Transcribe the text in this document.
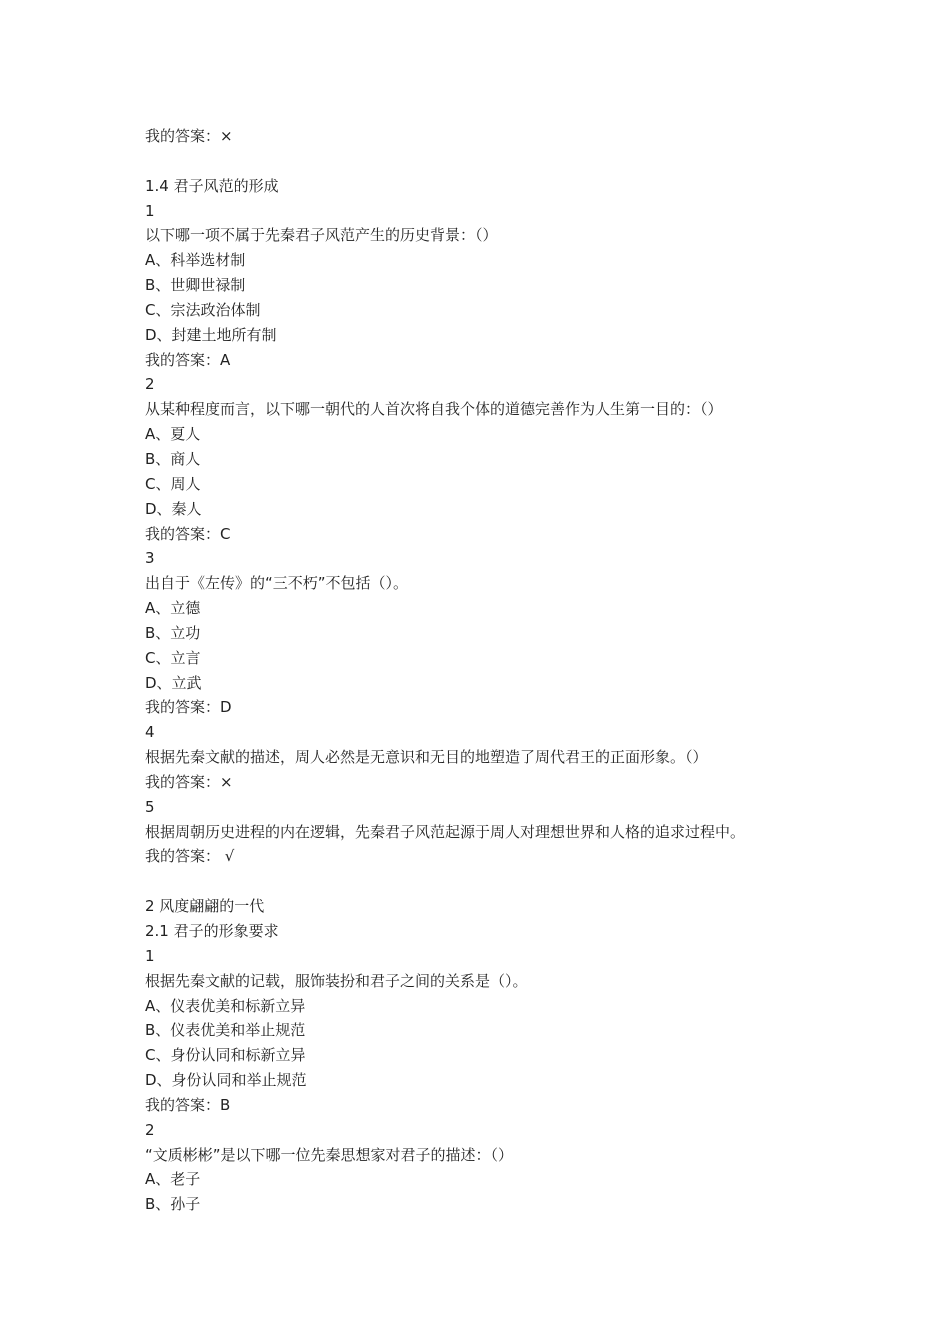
我的答案：×
1.4 君子风范的形成
1
以下哪一项不属于先秦君子风范产生的历史背景：（）
A、科举选材制
B、世卿世禄制
C、宗法政治体制
D、封建土地所有制
我的答案：A
2
从某种程度而言，以下哪一朝代的人首次将自我个体的道德完善作为人生第一目的：（）
A、夏人
B、商人
C、周人
D、秦人
我的答案：C
3
出自于《左传》的“三不朽”不包括（）。
A、立德
B、立功
C、立言
D、立武
我的答案：D
4
根据先秦文献的描述，周人必然是无意识和无目的地塑造了周代君王的正面形象。（）
我的答案：×
5
根据周朝历史进程的内在逻辑，先秦君子风范起源于周人对理想世界和人格的追求过程中。
我的答案： √
2 风度翩翩的一代
2.1 君子的形象要求
1
根据先秦文献的记载，服饰装扮和君子之间的关系是（）。
A、仪表优美和标新立异
B、仪表优美和举止规范
C、身份认同和标新立异
D、身份认同和举止规范
我的答案：B
2
“文质彬彬”是以下哪一位先秦思想家对君子的描述：（）
A、老子
B、孙子
